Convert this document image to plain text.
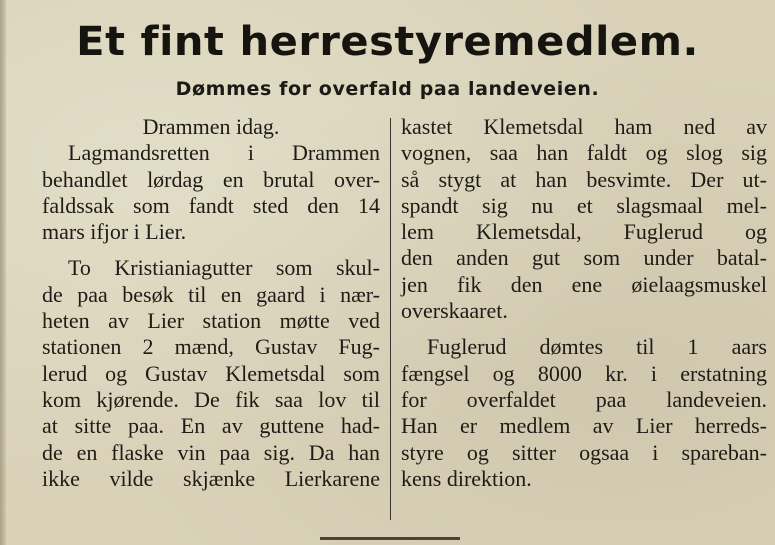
Et fint herrestyremedlem.
Dømmes for overfald paa landeveien.
Drammen idag.
Lagmandsretten i Drammen
behandlet lørdag en brutal over-
faldssak som fandt sted den 14
mars ifjor i Lier.
To Kristianiagutter som skul-
de paa besøk til en gaard i nær-
heten av Lier station møtte ved
stationen 2 mænd, Gustav Fug-
lerud og Gustav Klemetsdal som
kom kjørende. De fik saa lov til
at sitte paa. En av guttene had-
de en flaske vin paa sig. Da han
ikke vilde skjænke Lierkarene
kastet Klemetsdal ham ned av
vognen, saa han faldt og slog sig
så stygt at han besvimte. Der ut-
spandt sig nu et slagsmaal mel-
lem Klemetsdal, Fuglerud og
den anden gut som under batal-
jen fik den ene øielaagsmuskel
overskaaret.
Fuglerud dømtes til 1 aars
fængsel og 8000 kr. i erstatning
for overfaldet paa landeveien.
Han er medlem av Lier herreds-
styre og sitter ogsaa i spareban-
kens direktion.
